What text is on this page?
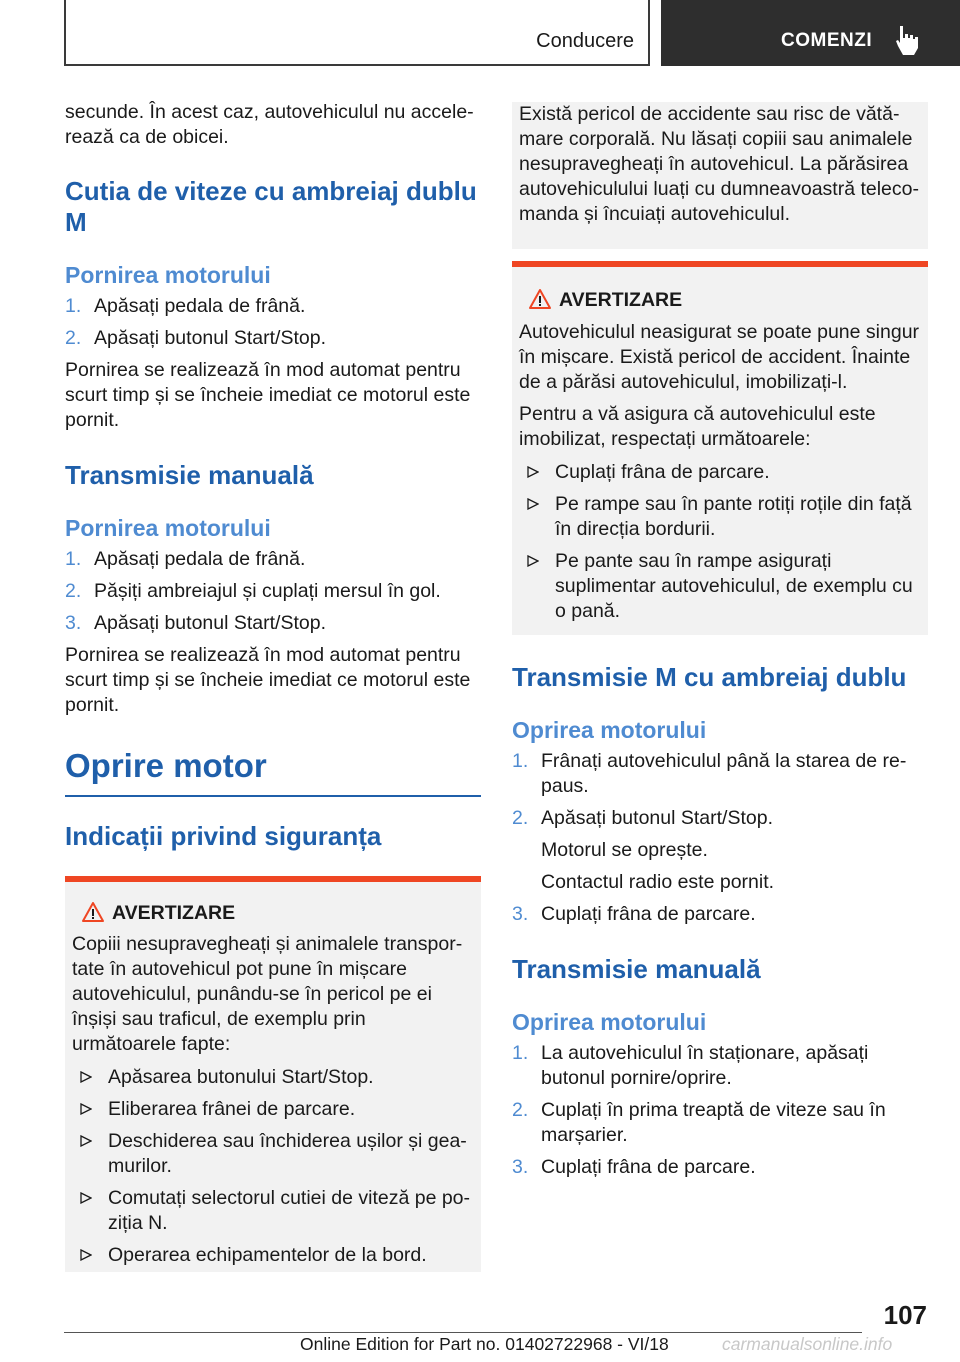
Conducere	COMENZI

secunde. În acest caz, autovehiculul nu accelerează ca de obicei.

Cutia de viteze cu ambreiaj dublu M
Pornirea motorului
1. Apăsați pedala de frână.
2. Apăsați butonul Start/Stop.

Pornirea se realizează în mod automat pentru scurt timp și se încheie imediat ce motorul este pornit.

Transmisie manuală
Pornirea motorului
1. Apăsați pedala de frână.
2. Pășiți ambreiajul și cuplați mersul în gol.
3. Apăsați butonul Start/Stop.

Pornirea se realizează în mod automat pentru scurt timp și se încheie imediat ce motorul este pornit.

Oprire motor
Indicații privind siguranța
AVERTIZARE

Copiii nesupravegheați și animalele transportate în autovehicul pot pune în mișcare autovehiculul, punându-se în pericol pe ei înșiși sau traficul, de exemplu prin următoarele fapte:

Apăsarea butonului Start/Stop.
Eliberarea frânei de parcare.
Deschiderea sau închiderea ușilor și geamurilor.
Comutați selectorul cutiei de viteză pe poziția N.
Operarea echipamentelor de la bord.

Există pericol de accidente sau risc de vătămare corporală. Nu lăsați copiii sau animalele nesupravegheați în autovehicul. La părăsirea autovehiculului luați cu dumneavoastră telecomanda și încuiați autovehiculul.

AVERTIZARE

Autovehiculul neasigurat se poate pune singur în mișcare. Există pericol de accident. Înainte de a părăsi autovehiculul, imobilizați-l.

Pentru a vă asigura că autovehiculul este imobilizat, respectați următoarele:

Cuplați frâna de parcare.
Pe rampe sau în pante rotiți roțile din față în direcția bordurii.
Pe pante sau în rampe asigurați suplimentar autovehiculul, de exemplu cu o pană.
Transmisie M cu ambreiaj dublu
Oprirea motorului
1. Frânați autovehiculul până la starea de repaus.
2. Apăsați butonul Start/Stop.
Motorul se oprește.
Contactul radio este pornit.
3. Cuplați frâna de parcare.
Transmisie manuală
Oprirea motorului
1. La autovehiculul în staționare, apăsați butonul pornire/oprire.
2. Cuplați în prima treaptă de viteze sau în marșarier.
3. Cuplați frâna de parcare.
107
Online Edition for Part no. 01402722968 - VI/18	carmanualsonline.info
